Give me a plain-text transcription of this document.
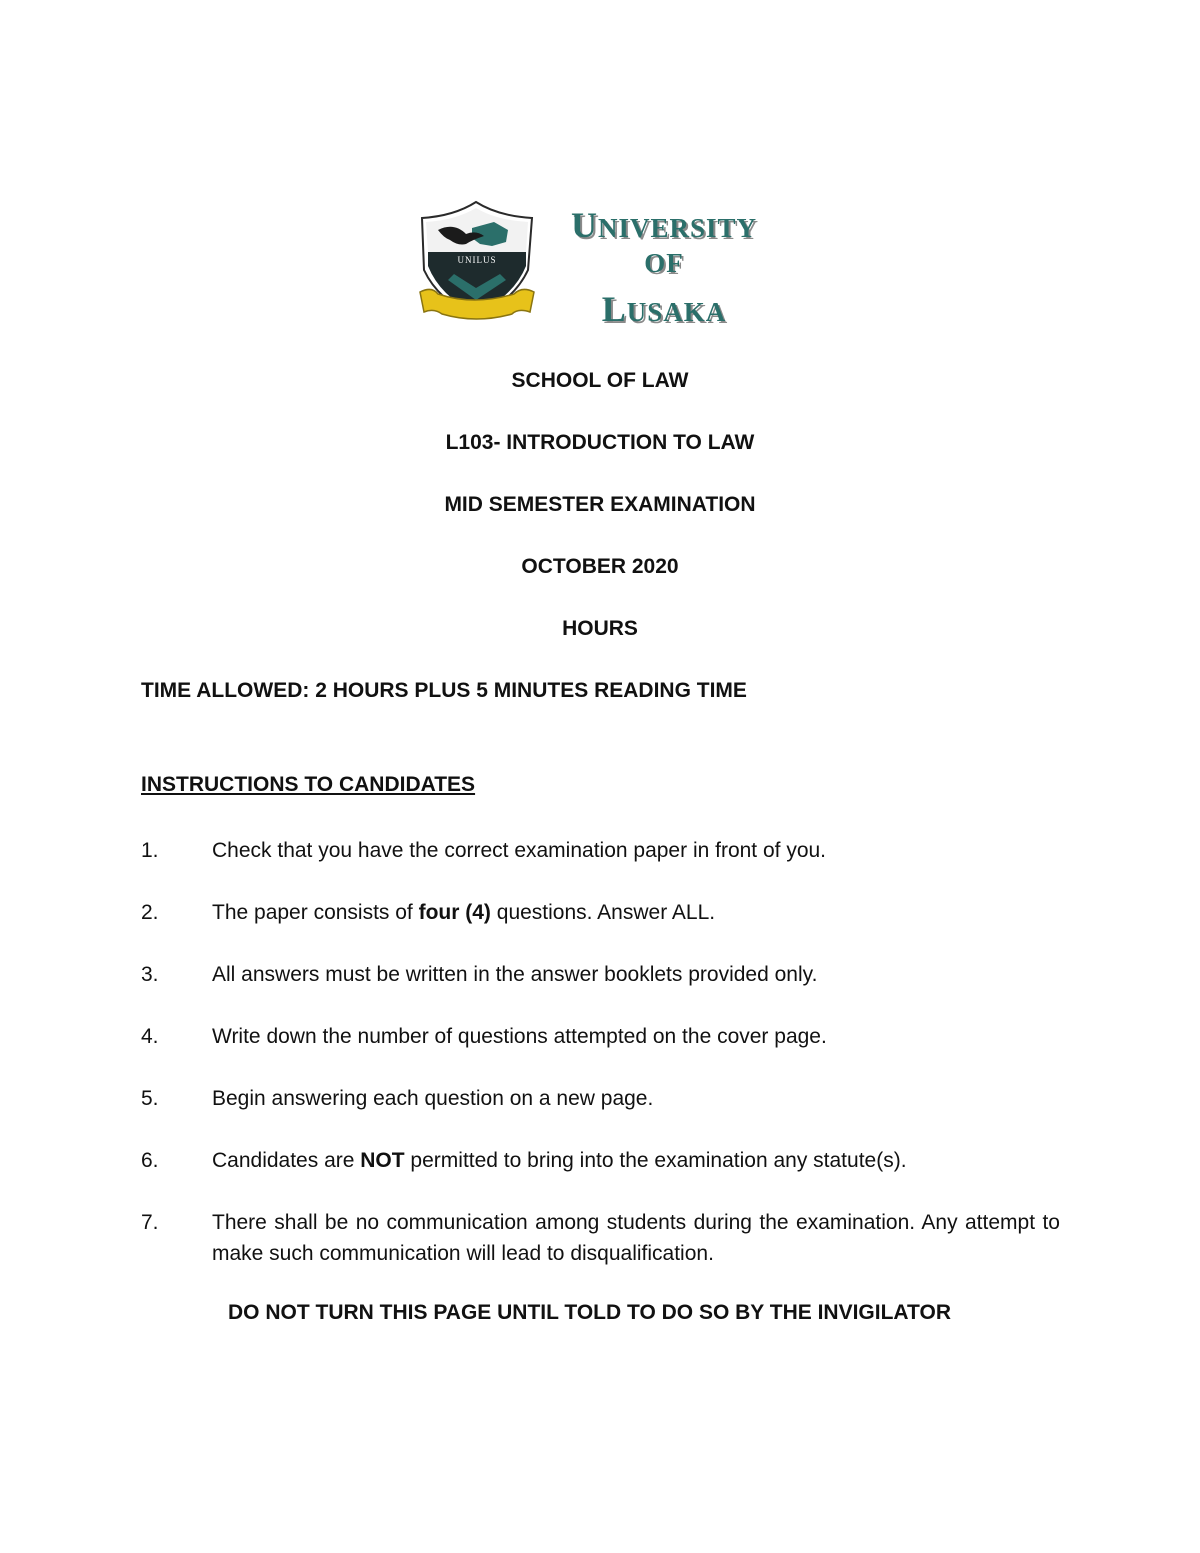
UNILUS
UNIVERSITY
OF
LUSAKA
SCHOOL OF LAW
L103- INTRODUCTION TO LAW
MID SEMESTER EXAMINATION
OCTOBER 2020
HOURS
TIME ALLOWED: 2 HOURS PLUS 5 MINUTES READING TIME
INSTRUCTIONS TO CANDIDATES
1.	Check that you have the correct examination paper in front of you.
2.	The paper consists of four (4) questions. Answer ALL.
3.	All answers must be written in the answer booklets provided only.
4.	Write down the number of questions attempted on the cover page.
5.	Begin answering each question on a new page.
6.	Candidates are NOT permitted to bring into the examination any statute(s).
7.	There shall be no communication among students during the examination. Any attempt to make such communication will lead to disqualification.
DO NOT TURN THIS PAGE UNTIL TOLD TO DO SO BY THE INVIGILATOR
